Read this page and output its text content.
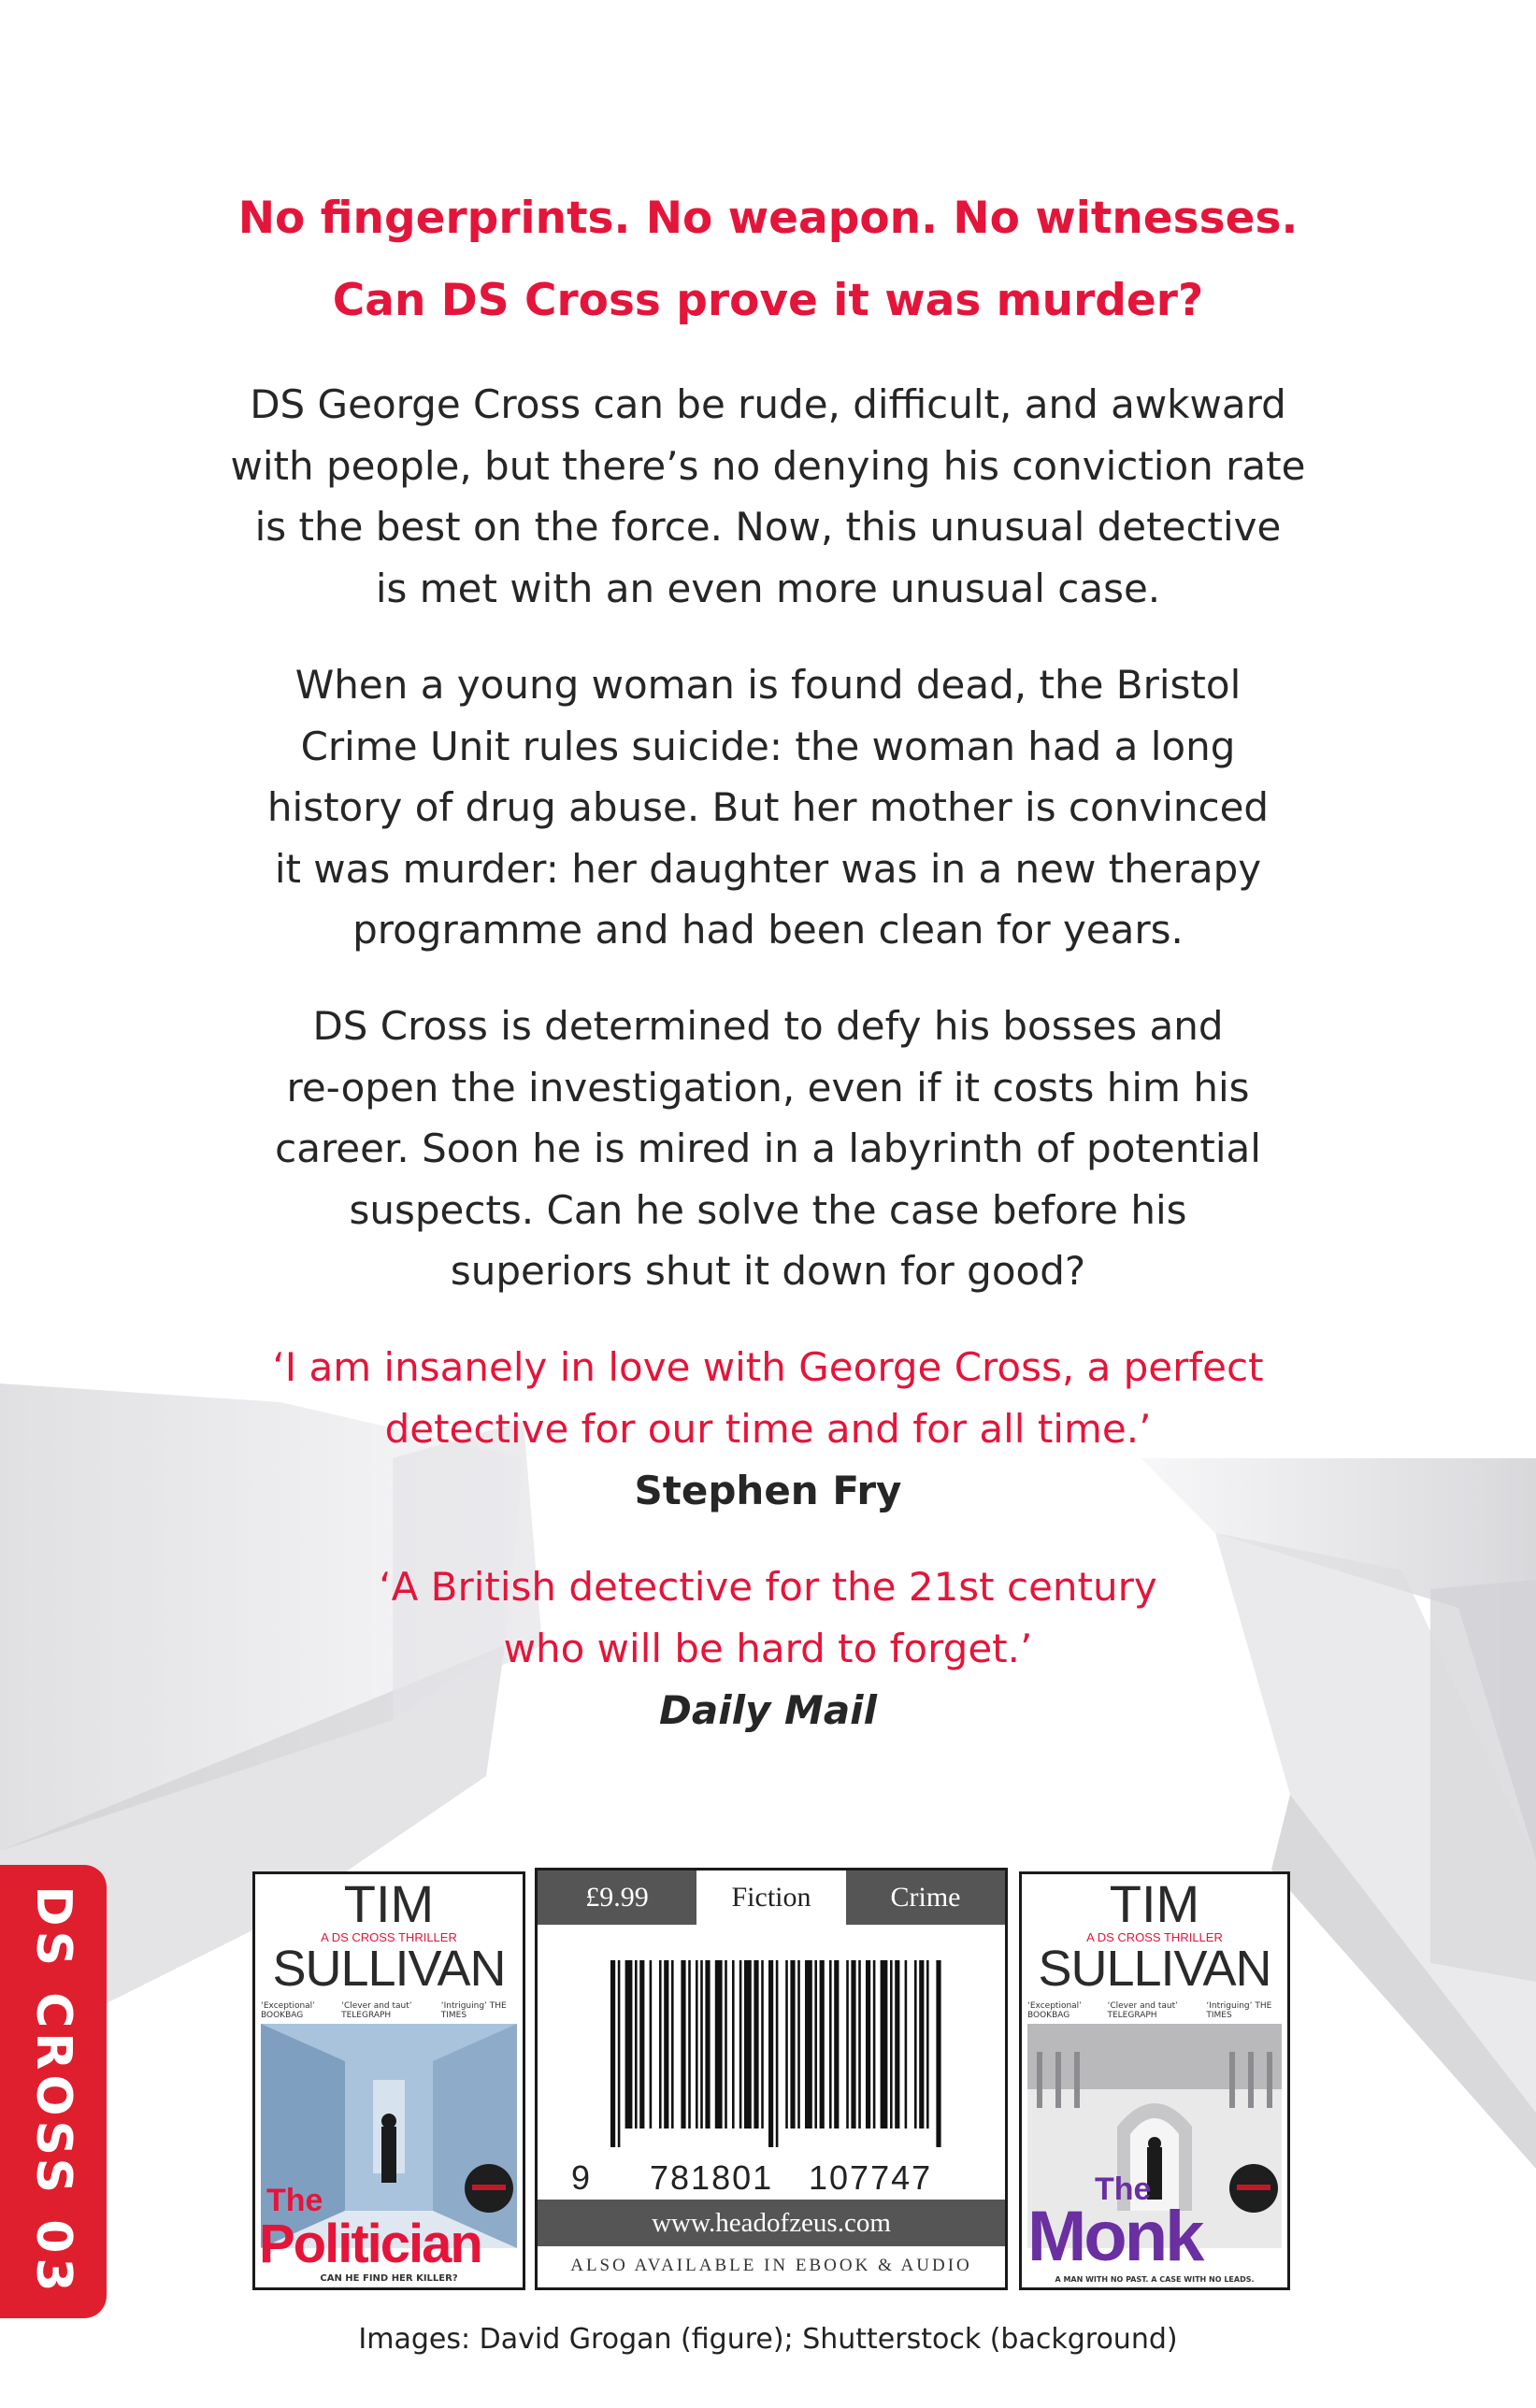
No fingerprints. No weapon. No witnesses.
Can DS Cross prove it was murder?
DS George Cross can be rude, difficult, and awkward
with people, but there’s no denying his conviction rate
is the best on the force. Now, this unusual detective
is met with an even more unusual case.
When a young woman is found dead, the Bristol
Crime Unit rules suicide: the woman had a long
history of drug abuse. But her mother is convinced
it was murder: her daughter was in a new therapy
programme and had been clean for years.
DS Cross is determined to defy his bosses and
re-open the investigation, even if it costs him his
career. Soon he is mired in a labyrinth of potential
suspects. Can he solve the case before his
superiors shut it down for good?
‘I am insanely in love with George Cross, a perfect
detective for our time and for all time.’
Stephen Fry
‘A British detective for the 21st century
who will be hard to forget.’
Daily Mail
DS CROSS 03	TIM
A DS CROSS THRILLER
SULLIVAN
‘Exceptional’ BOOKBAG
‘Clever and taut’ TELEGRAPH
‘Intriguing’ THE TIMES
The
Politician
CAN HE FIND HER KILLER?
£9.99	Fiction	Crime
9 781801 107747
www.headofzeus.com
ALSO AVAILABLE IN EBOOK & AUDIO
TIM
A DS CROSS THRILLER
SULLIVAN
‘Exceptional’ BOOKBAG
‘Clever and taut’ TELEGRAPH
‘Intriguing’ THE TIMES
The
Monk
A MAN WITH NO PAST. A CASE WITH NO LEADS.
Images: David Grogan (figure); Shutterstock (background)
